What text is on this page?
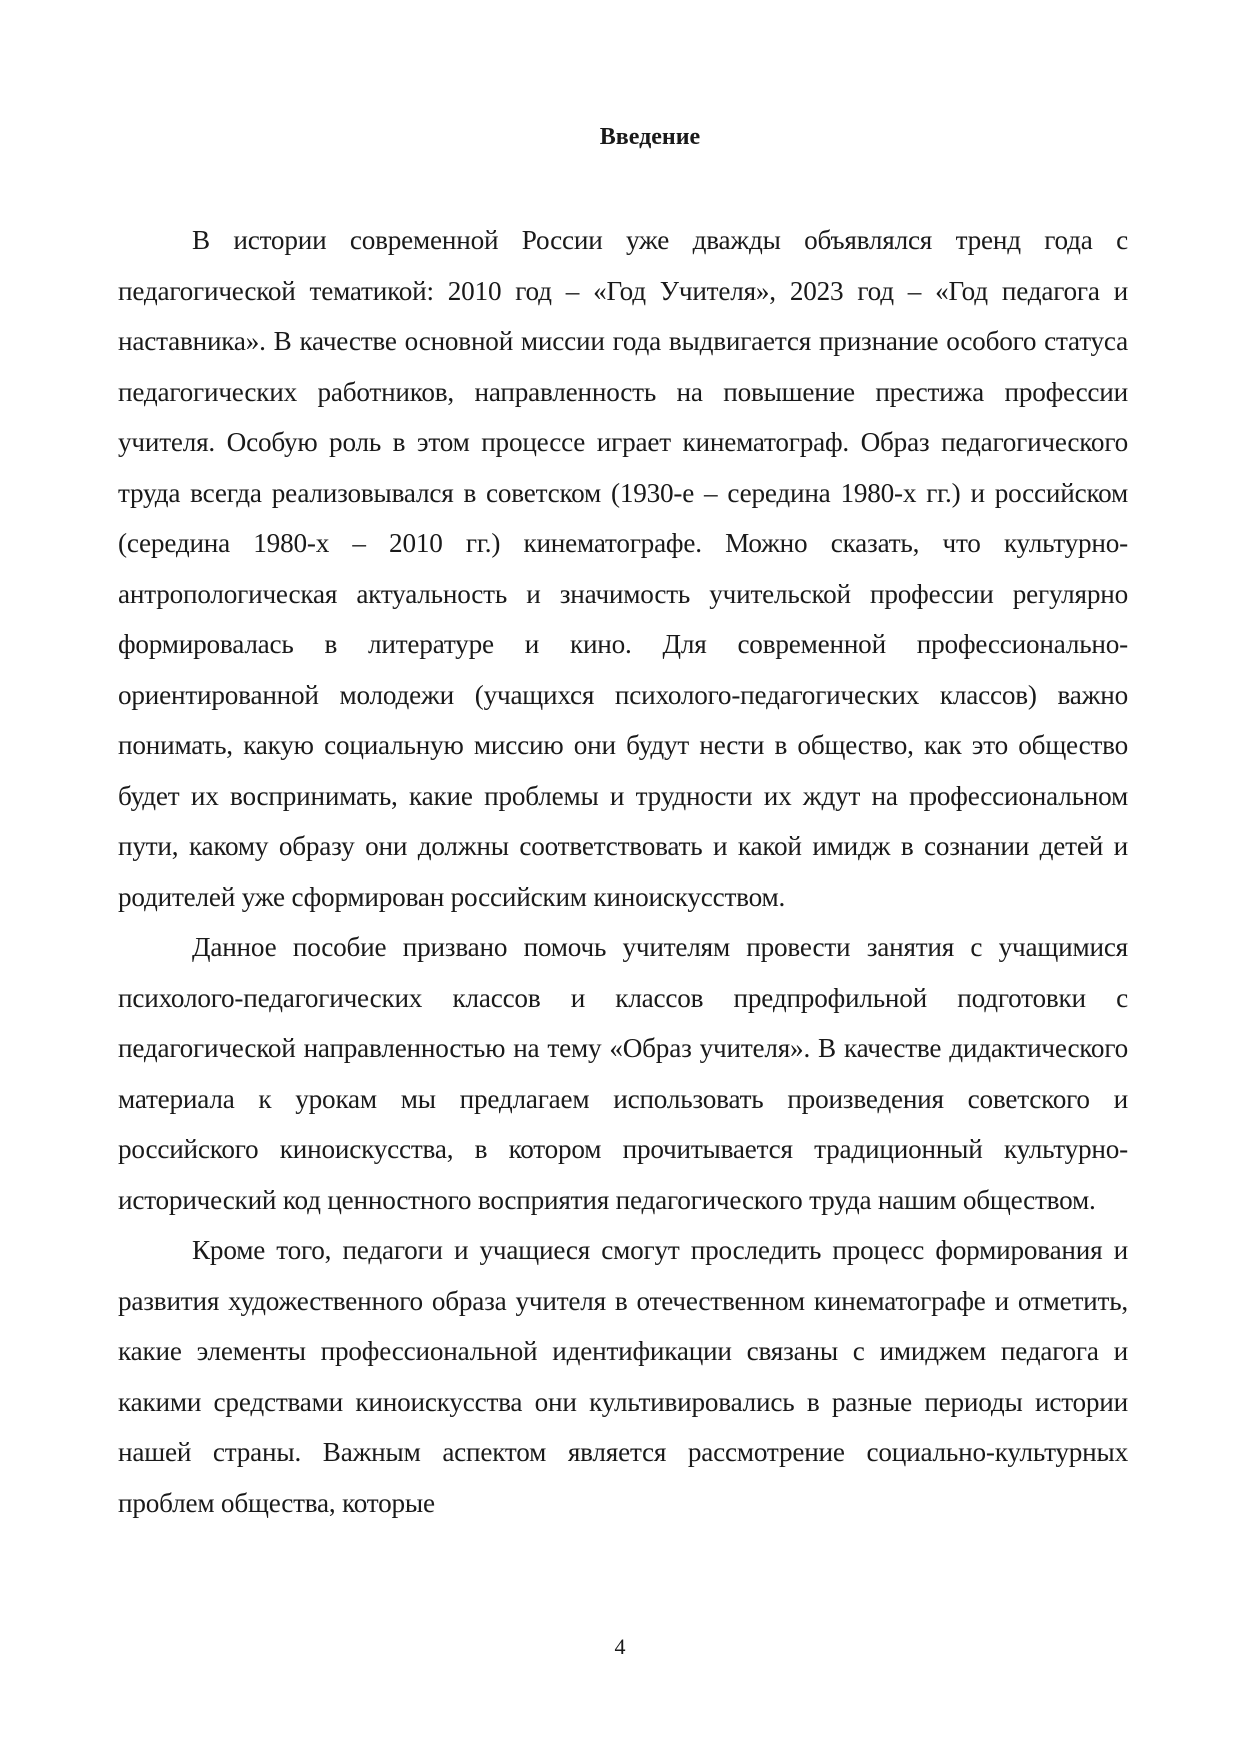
Введение

В истории современной России уже дважды объявлялся тренд года с педагогической тематикой: 2010 год – «Год Учителя», 2023 год – «Год педагога и наставника». В качестве основной миссии года выдвигается признание особого статуса педагогических работников, направленность на повышение престижа профессии учителя. Особую роль в этом процессе играет кинематограф. Образ педагогического труда всегда реализовывался в советском (1930-е – середина 1980-х гг.) и российском (середина 1980-х – 2010 гг.) кинематографе. Можно сказать, что культурно-антропологическая актуальность и значимость учительской профессии регулярно формировалась в литературе и кино. Для современной профессионально-ориентированной молодежи (учащихся психолого-педагогических классов) важно понимать, какую социальную миссию они будут нести в общество, как это общество будет их воспринимать, какие проблемы и трудности их ждут на профессиональном пути, какому образу они должны соответствовать и какой имидж в сознании детей и родителей уже сформирован российским киноискусством.

Данное пособие призвано помочь учителям провести занятия с учащимися психолого-педагогических классов и классов предпрофильной подготовки с педагогической направленностью на тему «Образ учителя». В качестве дидактического материала к урокам мы предлагаем использовать произведения советского и российского киноискусства, в котором прочитывается традиционный культурно-исторический код ценностного восприятия педагогического труда нашим обществом.

Кроме того, педагоги и учащиеся смогут проследить процесс формирования и развития художественного образа учителя в отечественном кинематографе и отметить, какие элементы профессиональной идентификации связаны с имиджем педагога и какими средствами киноискусства они культивировались в разные периоды истории нашей страны. Важным аспектом является рассмотрение социально-культурных проблем общества, которые

4
